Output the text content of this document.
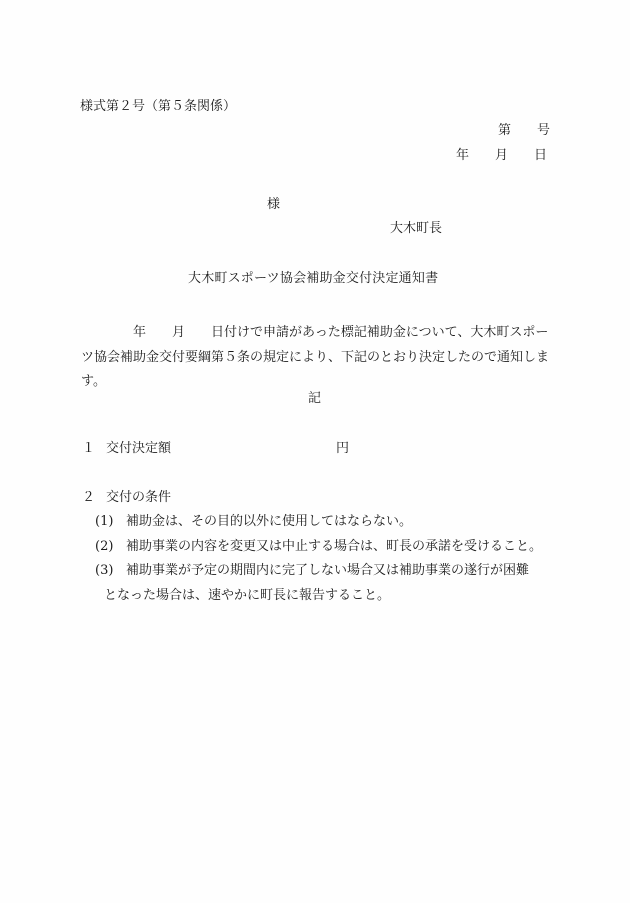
様式第２号（第５条関係）
第 号
年 月 日
様
大木町長
大木町スポーツ協会補助金交付決定通知書
年 月 日付けで申請があった標記補助金について、大木町スポーツ協会補助金交付要綱第５条の規定により、下記のとおり決定したので通知します。
記
１ 交付決定額	円
２ 交付の条件
(1) 補助金は、その目的以外に使用してはならない。
(2) 補助事業の内容を変更又は中止する場合は、町長の承諾を受けること。
(3) 補助事業が予定の期間内に完了しない場合又は補助事業の遂行が困難
となった場合は、速やかに町長に報告すること。
